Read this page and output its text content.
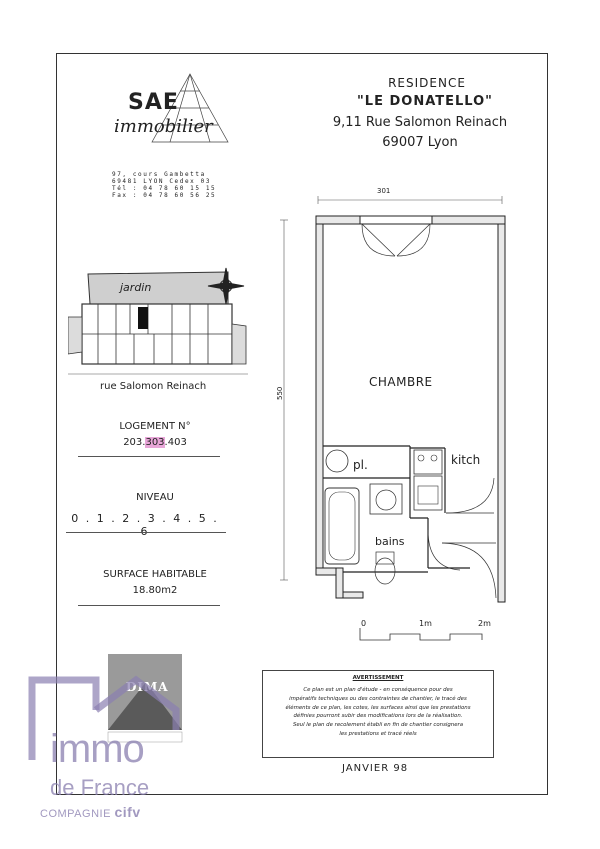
RESIDENCE
"LE DONATELLO"
9,11 Rue Salomon Reinach
69007 Lyon
SAE
immobilier
97, cours Gambetta
69481 LYON Cedex 03
Tél : 04 78 60 15 15
Fax : 04 78 60 56 25
jardin
rue Salomon Reinach
LOGEMENT N°
203.303.403
NIVEAU
0 . 1 . 2 . 3 . 4 . 5 .
SURFACE HABITABLE
18.80m2
301
550
CHAMBRE
pl.	kitch
bains
0	1m	2m
DIMA
AVERTISSEMENT
Ce plan est un plan d'étude - en conséquence pour des
impératifs techniques ou des contraintes de chantier, le tracé des
éléments de ce plan, les cotes, les surfaces ainsi que les prestations
définies pourront subir des modifications lors de la réalisation.
Seul le plan de recolement établi en fin de chantier consignera
les prestations et tracé réels
JANVIER 98
immo
de France
COMPAGNIE cifv
